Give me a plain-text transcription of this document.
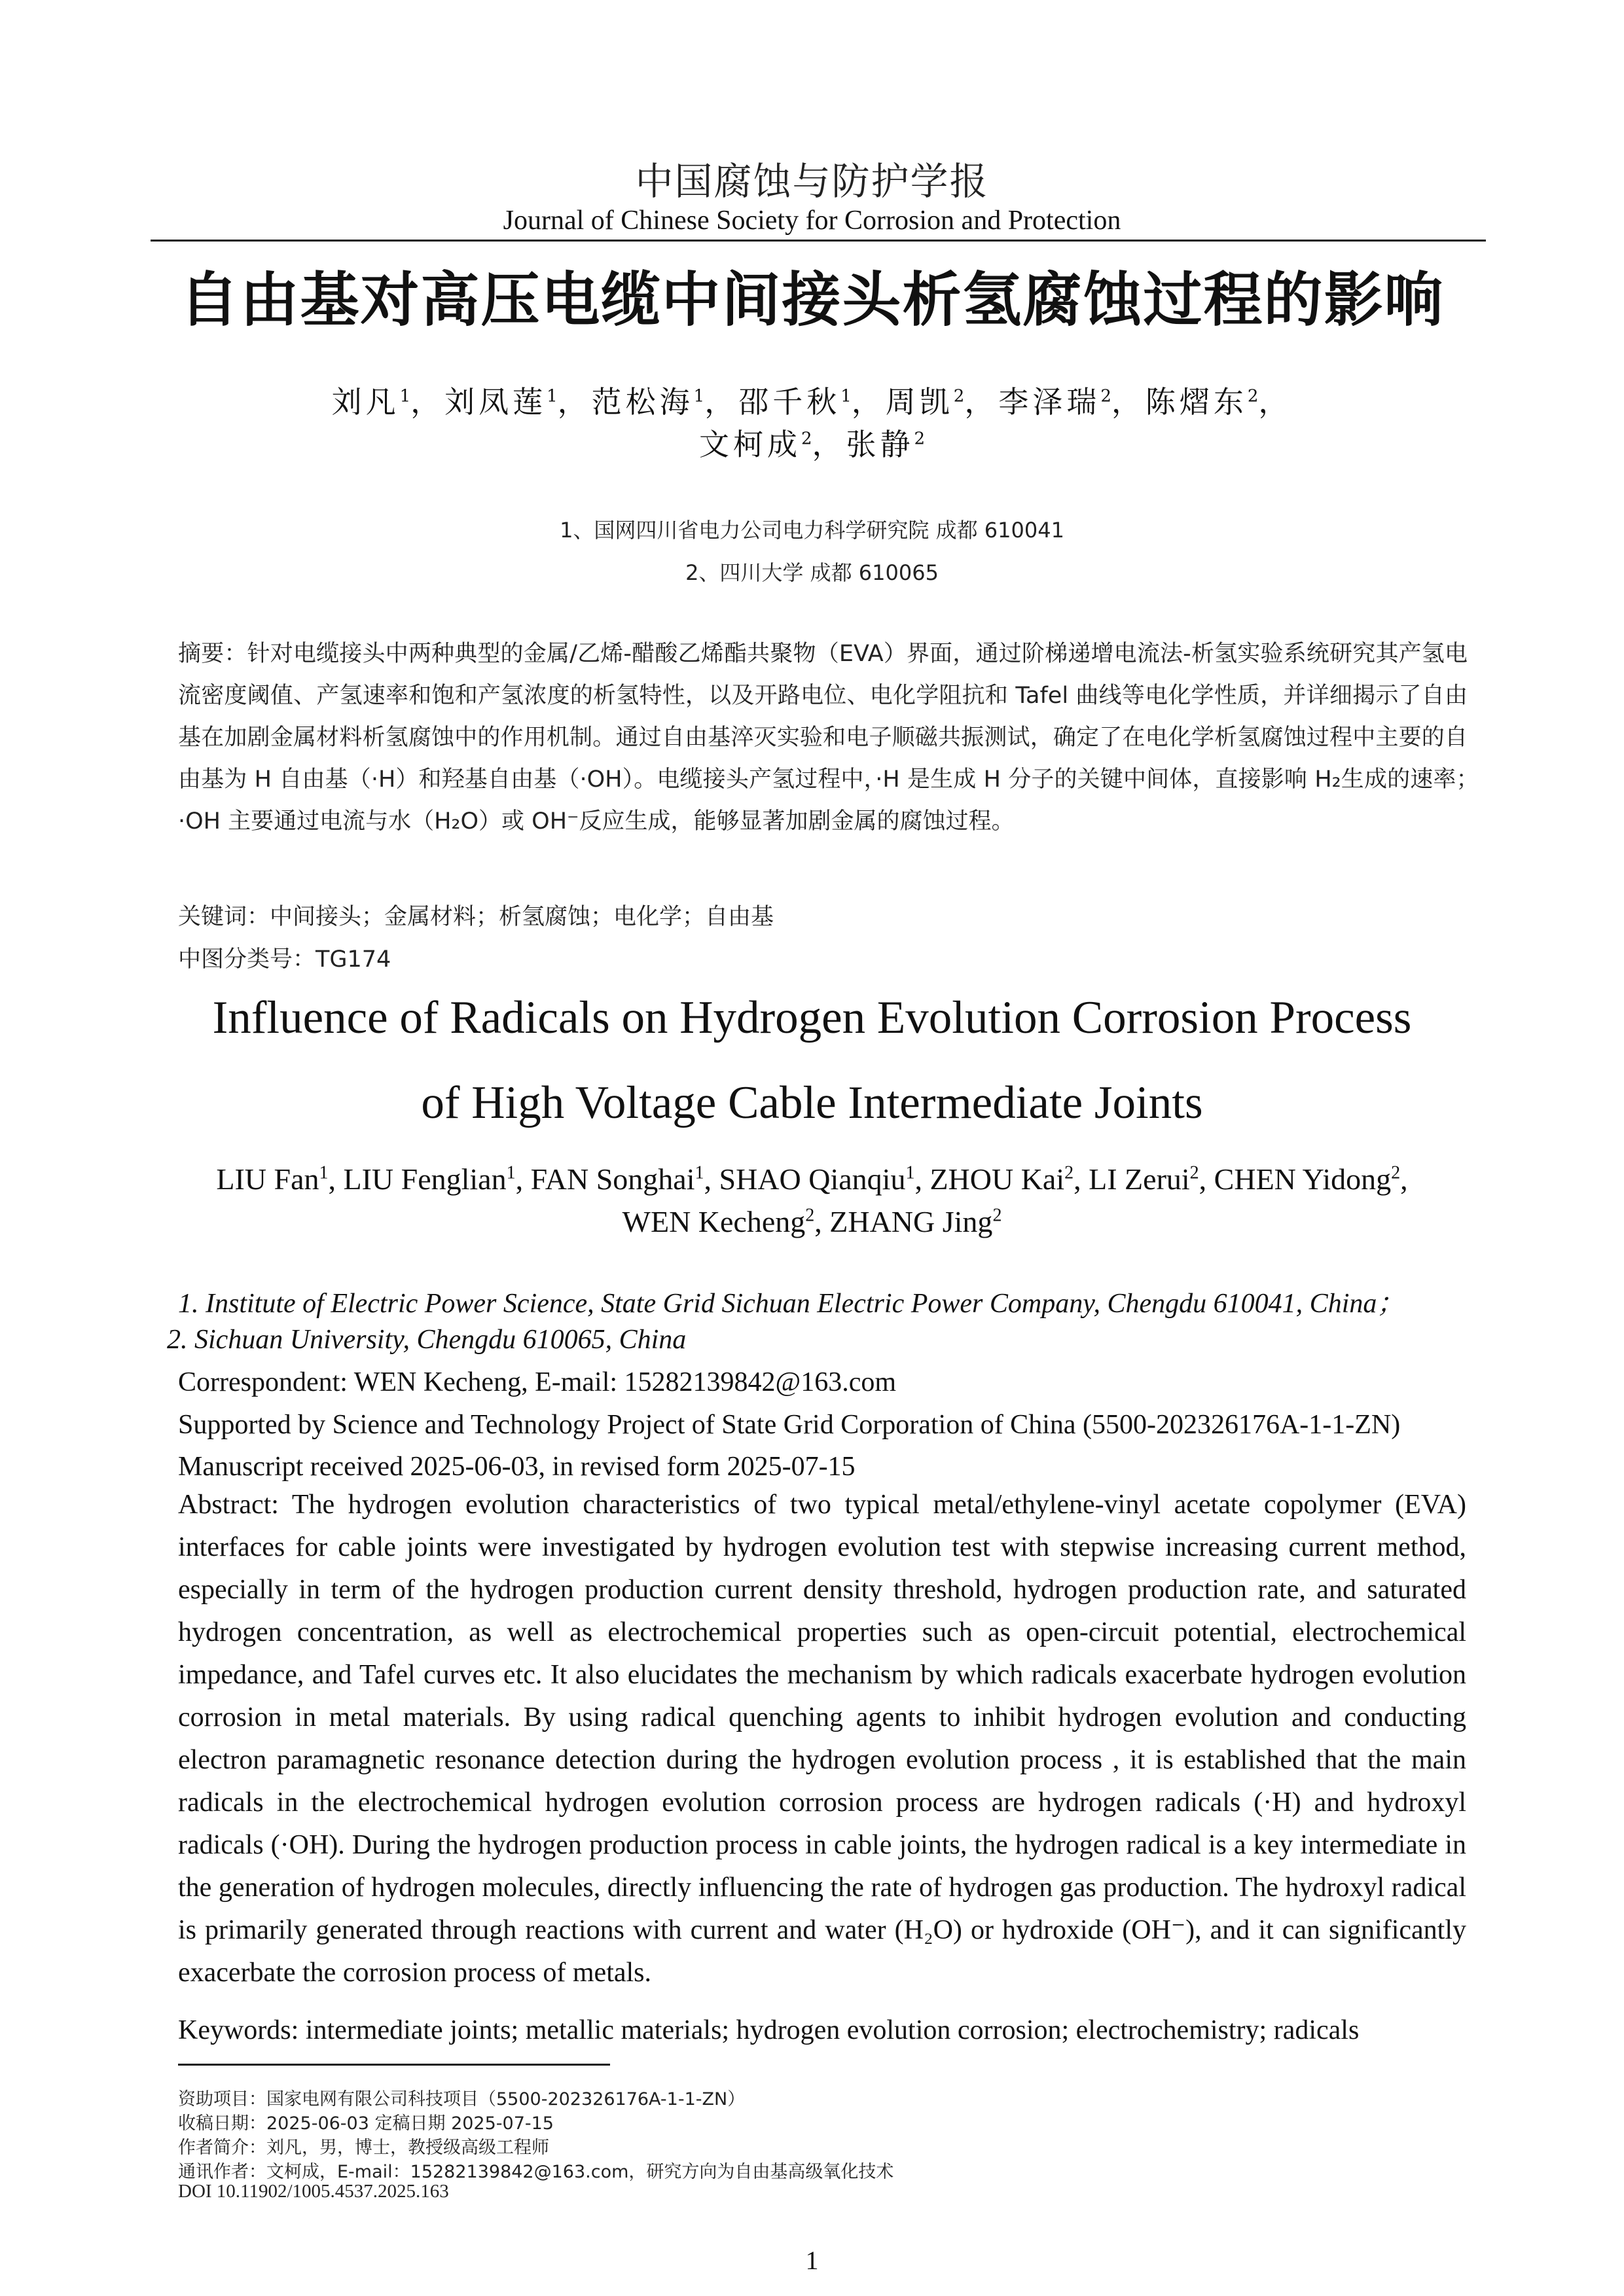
中国腐蚀与防护学报
Journal of Chinese Society for Corrosion and Protection
自由基对高压电缆中间接头析氢腐蚀过程的影响
刘凡$^1$，刘凤莲$^1$，范松海$^1$，邵千秋$^1$，周凯$^2$，李泽瑞$^2$，陈熠东$^2$，
文柯成$^2$，张静$^2$
1、国网四川省电力公司电力科学研究院 成都 610041
2、四川大学 成都 610065
摘要：针对电缆接头中两种典型的金属/乙烯-醋酸乙烯酯共聚物（EVA）界面，通过阶梯递增电流法-析氢实验系统研究其产氢电流密度阈值、产氢速率和饱和产氢浓度的析氢特性，以及开路电位、电化学阻抗和 Tafel 曲线等电化学性质，并详细揭示了自由基在加剧金属材料析氢腐蚀中的作用机制。通过自由基淬灭实验和电子顺磁共振测试，确定了在电化学析氢腐蚀过程中主要的自由基为 H 自由基（·H）和羟基自由基（·OH）。电缆接头产氢过程中，·H 是生成 H 分子的关键中间体，直接影响 H₂生成的速率；·OH 主要通过电流与水（H₂O）或 OH⁻反应生成，能够显著加剧金属的腐蚀过程。
关键词：中间接头；金属材料；析氢腐蚀；电化学；自由基
中图分类号：TG174
Influence of Radicals on Hydrogen Evolution Corrosion Process
of High Voltage Cable Intermediate Joints
LIU Fan$^1$, LIU Fenglian$^1$, FAN Songhai$^1$, SHAO Qianqiu$^1$, ZHOU Kai$^2$, LI Zerui$^2$, CHEN Yidong$^2$,
WEN Kecheng$^2$, ZHANG Jing$^2$
1. Institute of Electric Power Science, State Grid Sichuan Electric Power Company, Chengdu 610041, China；
2. Sichuan University, Chengdu 610065, China
Correspondent: WEN Kecheng, E-mail: 15282139842@163.com
Supported by Science and Technology Project of State Grid Corporation of China (5500-202326176A-1-1-ZN)
Manuscript received 2025-06-03, in revised form 2025-07-15
Abstract: The hydrogen evolution characteristics of two typical metal/ethylene-vinyl acetate copolymer (EVA) interfaces for cable joints were investigated by hydrogen evolution test with stepwise increasing current method, especially in term of the hydrogen production current density threshold, hydrogen production rate, and saturated hydrogen concentration, as well as electrochemical properties such as open-circuit potential, electrochemical impedance, and Tafel curves etc. It also elucidates the mechanism by which radicals exacerbate hydrogen evolution corrosion in metal materials. By using radical quenching agents to inhibit hydrogen evolution and conducting electron paramagnetic resonance detection during the hydrogen evolution process , it is established that the main radicals in the electrochemical hydrogen evolution corrosion process are hydrogen radicals (·H) and hydroxyl radicals (·OH). During the hydrogen production process in cable joints, the hydrogen radical is a key intermediate in the generation of hydrogen molecules, directly influencing the rate of hydrogen gas production. The hydroxyl radical is primarily generated through reactions with current and water (H₂O) or hydroxide (OH⁻), and it can significantly exacerbate the corrosion process of metals.
Keywords: intermediate joints; metallic materials; hydrogen evolution corrosion; electrochemistry; radicals
资助项目：国家电网有限公司科技项目（5500-202326176A-1-1-ZN）
收稿日期：2025-06-03 定稿日期 2025-07-15
作者简介：刘凡，男，博士，教授级高级工程师
通讯作者：文柯成，E-mail：15282139842@163.com，研究方向为自由基高级氧化技术
DOI 10.11902/1005.4537.2025.163
1
